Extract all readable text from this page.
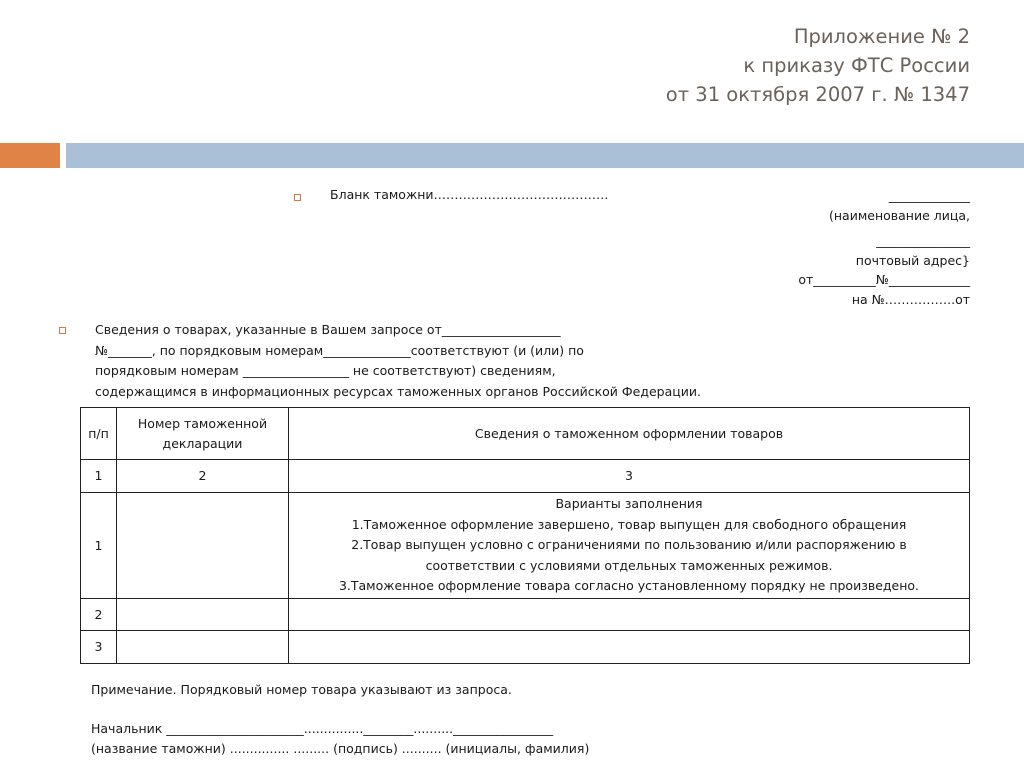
Приложение № 2
к приказу ФТС России
от 31 октября 2007 г. № 1347
Бланк таможни……………………………………	_____________
(наименование лица,
_______________
почтовый адрес}
от__________№_____________
на №……………..от
Сведения о товарах, указанные в Вашем запросе от___________________
№_______, по порядковым номерам______________соответствуют (и (или) по
порядковым номерам _________________ не соответствуют) сведениям,
содержащимся в информационных ресурсах таможенных органов Российской Федерации.
п/п	Номер таможенной декларации	Сведения о таможенном оформлении товаров
1	2	3
1		Варианты заполнения
1.Таможенное оформление завершено, товар выпущен для свободного обращения
2.Товар выпущен условно с ограничениями по пользованию и/или распоряжению в
соответствии с условиями отдельных таможенных режимов.
3.Таможенное оформление товара согласно установленному порядку не произведено.

2		
3		
Примечание. Порядковый номер товара указывают из запроса.
Начальник ______________________...............________..........________________
(название таможни) ............... ......... (подпись) .......... (инициалы, фамилия)
